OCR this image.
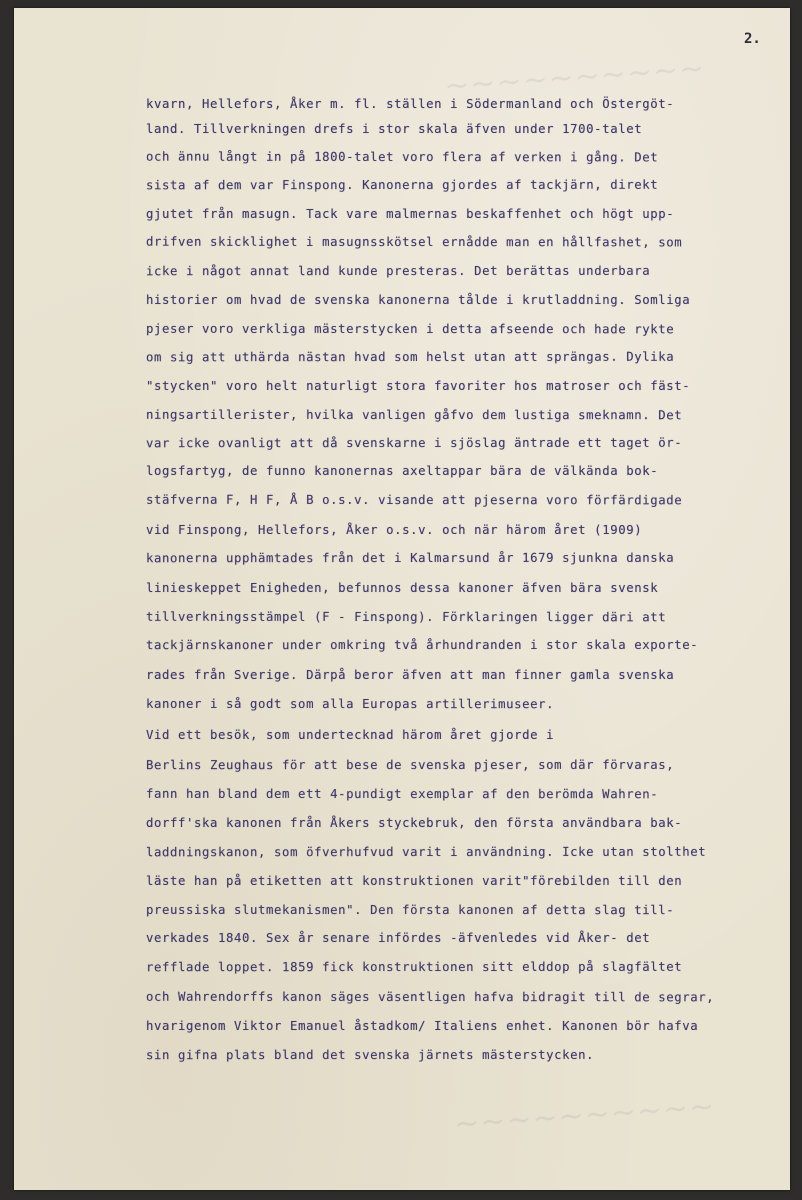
~~~~~~~~~~
~~~~~~~~~~
2.
kvarn, Hellefors, Åker m. fl. ställen i Södermanland och Östergöt-
land. Tillverkningen drefs i stor skala äfven under 1700-talet
och ännu långt in på 1800-talet voro flera af verken i gång. Det
sista af dem var Finspong. Kanonerna gjordes af tackjärn, direkt
gjutet från masugn. Tack vare malmernas beskaffenhet och högt upp-
drifven skicklighet i masugnsskötsel ernådde man en hållfashet, som
icke i något annat land kunde presteras. Det berättas underbara
historier om hvad de svenska kanonerna tålde i krutladdning. Somliga
pjeser voro verkliga mästerstycken i detta afseende och hade rykte
om sig att uthärda nästan hvad som helst utan att sprängas. Dylika
"stycken" voro helt naturligt stora favoriter hos matroser och fäst-
ningsartillerister, hvilka vanligen gåfvo dem lustiga smeknamn. Det
var icke ovanligt att då svenskarne i sjöslag äntrade ett taget ör-
logsfartyg, de funno kanonernas axeltappar bära de välkända bok-
stäfverna F, H F, Å B o.s.v. visande att pjeserna voro förfärdigade
vid Finspong, Hellefors, Åker o.s.v. och när härom året (1909)
kanonerna upphämtades från det i Kalmarsund år 1679 sjunkna danska
linieskeppet Enigheden, befunnos dessa kanoner äfven bära svensk
tillverkningsstämpel (F - Finspong). Förklaringen ligger däri att
tackjärnskanoner under omkring två århundranden i stor skala exporte-
rades från Sverige. Därpå beror äfven att man finner gamla svenska
kanoner i så godt som alla Europas artillerimuseer.
Vid ett besök, som undertecknad härom året gjorde i
Berlins Zeughaus för att bese de svenska pjeser, som där förvaras,
fann han bland dem ett 4-pundigt exemplar af den berömda Wahren-
dorff'ska kanonen från Åkers styckebruk, den första användbara bak-
laddningskanon, som öfverhufvud varit i användning. Icke utan stolthet
läste han på etiketten att konstruktionen varit"förebilden till den
preussiska slutmekanismen". Den första kanonen af detta slag till-
verkades 1840. Sex år senare infördes -äfvenledes vid Åker- det
refflade loppet. 1859 fick konstruktionen sitt elddop på slagfältet
och Wahrendorffs kanon säges väsentligen hafva bidragit till de segrar,
hvarigenom Viktor Emanuel åstadkom/ Italiens enhet. Kanonen bör hafva
sin gifna plats bland det svenska järnets mästerstycken.
